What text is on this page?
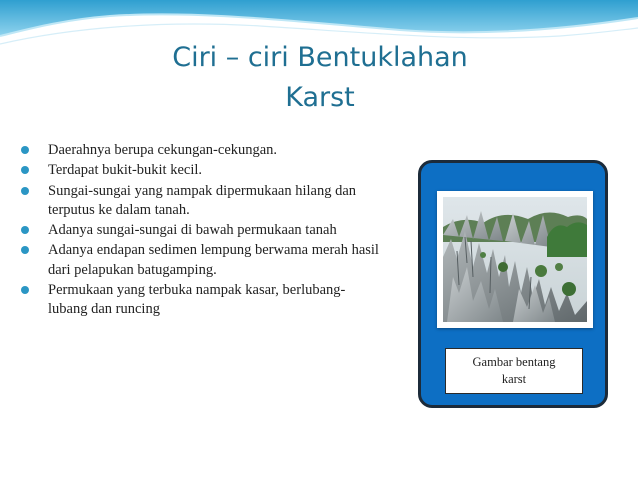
Ciri – ciri Bentuklahan
Karst
Daerahnya berupa cekungan-cekungan.
Terdapat bukit-bukit kecil.
Sungai-sungai yang nampak dipermukaan hilang dan terputus ke dalam tanah.
Adanya sungai-sungai di bawah permukaan tanah
Adanya endapan sedimen lempung berwama merah hasil dari pelapukan batugamping.
Permukaan yang terbuka nampak kasar, berlubang-lubang dan runcing
Gambar bentang
karst
